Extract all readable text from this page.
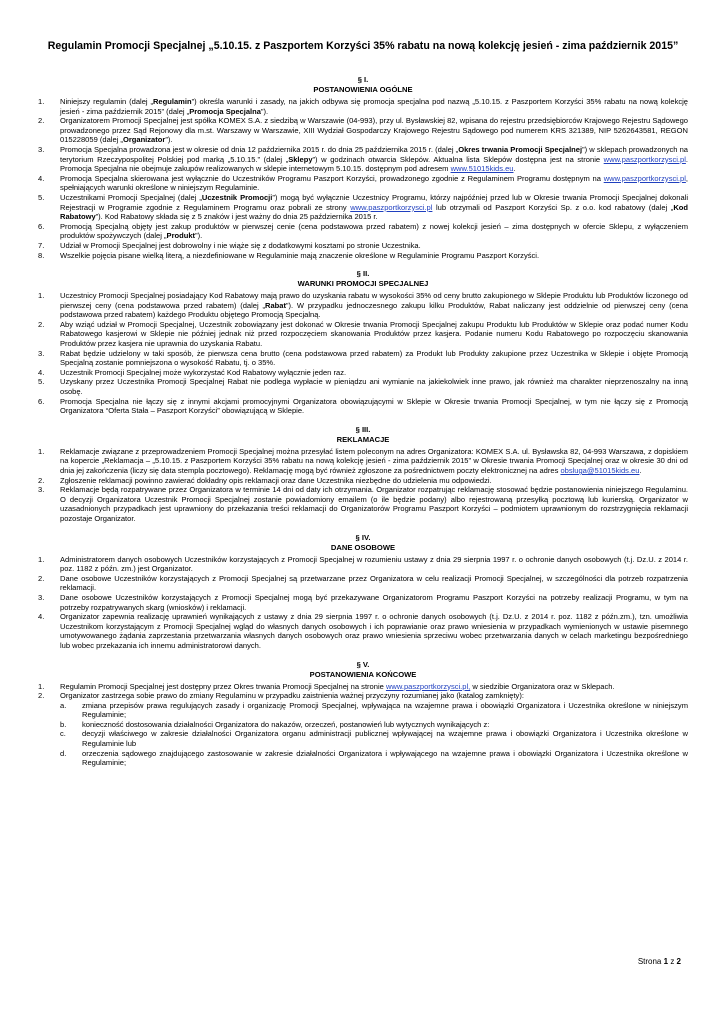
Regulamin Promocji Specjalnej „5.10.15. z Paszportem Korzyści 35% rabatu na nową kolekcję jesień - zima październik 2015”

§ I.

POSTANOWIENIA OGÓLNE

1. Niniejszy regulamin (dalej „Regulamin”) określa warunki i zasady, na jakich odbywa się promocja specjalna pod nazwą „5.10.15. z Paszportem Korzyści 35% rabatu na nową kolekcję jesień - zima październik 2015” (dalej „Promocja Specjalna”).
2. Organizatorem Promocji Specjalnej jest spółka KOMEX S.A. z siedzibą w Warszawie (04-993), przy ul. Bysławskiej 82, wpisana do rejestru przedsiębiorców Krajowego Rejestru Sądowego prowadzonego przez Sąd Rejonowy dla m.st. Warszawy w Warszawie, XIII Wydział Gospodarczy Krajowego Rejestru Sądowego pod numerem KRS 321389, NIP 5262643581, REGON 015228059 (dalej „Organizator”).
3. Promocja Specjalna prowadzona jest w okresie od dnia 12 października 2015 r. do dnia 25 października 2015 r. (dalej „Okres trwania Promocji Specjalnej”) w sklepach prowadzonych na terytorium Rzeczypospolitej Polskiej pod marką „5.10.15.” (dalej „Sklepy”) w godzinach otwarcia Sklepów. Aktualna lista Sklepów dostępna jest na stronie www.paszportkorzysci.pl. Promocja Specjalna nie obejmuje zakupów realizowanych w sklepie internetowym 5.10.15. dostępnym pod adresem www.51015kids.eu.
4. Promocja Specjalna skierowana jest wyłącznie do Uczestników Programu Paszport Korzyści, prowadzonego zgodnie z Regulaminem Programu dostępnym na www.paszportkorzysci.pl, spełniających warunki określone w niniejszym Regulaminie.
5. Uczestnikami Promocji Specjalnej (dalej „Uczestnik Promocji”) mogą być wyłącznie Uczestnicy Programu, którzy najpóźniej przed lub w Okresie trwania Promocji Specjalnej dokonali Rejestracji w Programie zgodnie z Regulaminem Programu oraz pobrali ze strony www.paszportkorzysci.pl lub otrzymali od Paszport Korzyści Sp. z o.o. kod rabatowy (dalej „Kod Rabatowy”). Kod Rabatowy składa się z 5 znaków i jest ważny do dnia 25 października 2015 r.
6. Promocją Specjalną objęty jest zakup produktów w pierwszej cenie (cena podstawowa przed rabatem) z nowej kolekcji jesień – zima dostępnych w ofercie Sklepu, z wyłączeniem produktów spożywczych (dalej „Produkt”).
7. Udział w Promocji Specjalnej jest dobrowolny i nie wiąże się z dodatkowymi kosztami po stronie Uczestnika.
8. Wszelkie pojęcia pisane wielką literą, a niezdefiniowane w Regulaminie mają znaczenie określone w Regulaminie Programu Paszport Korzyści.

§ II.

WARUNKI PROMOCJI SPECJALNEJ

1. Uczestnicy Promocji Specjalnej posiadający Kod Rabatowy mają prawo do uzyskania rabatu w wysokości 35% od ceny brutto zakupionego w Sklepie Produktu lub Produktów liczonego od pierwszej ceny (cena podstawowa przed rabatem) (dalej „Rabat”). W przypadku jednoczesnego zakupu kilku Produktów, Rabat naliczany jest oddzielnie od pierwszej ceny (cena podstawowa przed rabatem) każdego Produktu objętego Promocją Specjalną.
2. Aby wziąć udział w Promocji Specjalnej, Uczestnik zobowiązany jest dokonać w Okresie trwania Promocji Specjalnej zakupu Produktu lub Produktów w Sklepie oraz podać numer Kodu Rabatowego kasjerowi w Sklepie nie później jednak niż przed rozpoczęciem skanowania Produktów przez kasjera. Podanie numeru Kodu Rabatowego po rozpoczęciu skanowania Produktów przez kasjera nie uprawnia do uzyskania Rabatu.
3. Rabat będzie udzielony w taki sposób, że pierwsza cena brutto (cena podstawowa przed rabatem) za Produkt lub Produkty zakupione przez Uczestnika w Sklepie i objęte Promocją Specjalną zostanie pomniejszona o wysokość Rabatu, tj. o 35%.
4. Uczestnik Promocji Specjalnej może wykorzystać Kod Rabatowy wyłącznie jeden raz.
5. Uzyskany przez Uczestnika Promocji Specjalnej Rabat nie podlega wypłacie w pieniądzu ani wymianie na jakiekolwiek inne prawo, jak również ma charakter nieprzenoszalny na inną osobę.
6. Promocja Specjalna nie łączy się z innymi akcjami promocyjnymi Organizatora obowiązującymi w Sklepie w Okresie trwania Promocji Specjalnej, w tym nie łączy się z Promocją Organizatora “Oferta Stała – Paszport Korzyści” obowiązującą w Sklepie.

§ III.

REKLAMACJE

1. Reklamacje związane z przeprowadzeniem Promocji Specjalnej można przesyłać listem poleconym na adres Organizatora: KOMEX S.A. ul. Bysławska 82, 04-993 Warszawa, z dopiskiem na kopercie „Reklamacja – „5.10.15. z Paszportem Korzyści 35% rabatu na nową kolekcję jesień - zima październik 2015” w Okresie trwania Promocji Specjalnej oraz w okresie 30 dni od dnia jej zakończenia (liczy się data stempla pocztowego). Reklamację mogą być również zgłoszone za pośrednictwem poczty elektronicznej na adres obsluga@51015kids.eu.
2. Zgłoszenie reklamacji powinno zawierać dokładny opis reklamacji oraz dane Uczestnika niezbędne do udzielenia mu odpowiedzi.
3. Reklamacje będą rozpatrywane przez Organizatora w terminie 14 dni od daty ich otrzymania. Organizator rozpatrując reklamację stosować będzie postanowienia niniejszego Regulaminu. O decyzji Organizatora Uczestnik Promocji Specjalnej zostanie powiadomiony emailem (o ile będzie podany) albo rejestrowaną przesyłką pocztową lub kurierską. Organizator w uzasadnionych przypadkach jest uprawniony do przekazania treści reklamacji do Organizatorów Programu Paszport Korzyści – podmiotem uprawnionym do rozstrzygnięcia reklamacji pozostaje Organizator.

§ IV.

DANE OSOBOWE

1. Administratorem danych osobowych Uczestników korzystających z Promocji Specjalnej w rozumieniu ustawy z dnia 29 sierpnia 1997 r. o ochronie danych osobowych (t.j. Dz.U. z 2014 r. poz. 1182 z późn. zm.) jest Organizator.
2. Dane osobowe Uczestników korzystających z Promocji Specjalnej są przetwarzane przez Organizatora w celu realizacji Promocji Specjalnej, w szczególności dla potrzeb rozpatrzenia reklamacji.
3. Dane osobowe Uczestników korzystających z Promocji Specjalnej mogą być przekazywane Organizatorom Programu Paszport Korzyści na potrzeby realizacji Programu, w tym na potrzeby rozpatrywanych skarg (wniosków) i reklamacji.
4. Organizator zapewnia realizację uprawnień wynikających z ustawy z dnia 29 sierpnia 1997 r. o ochronie danych osobowych (t.j. Dz.U. z 2014 r. poz. 1182 z późn.zm.), tzn. umożliwia Uczestnikom korzystającym z Promocji Specjalnej wgląd do własnych danych osobowych i ich poprawianie oraz prawo wniesienia w przypadkach wymienionych w ustawie pisemnego umotywowanego żądania zaprzestania przetwarzania własnych danych osobowych oraz prawo wniesienia sprzeciwu wobec przetwarzania danych w celach marketingu bezpośredniego lub wobec przekazania ich innemu administratorowi danych.

§ V.

POSTANOWIENIA KOŃCOWE

1. Regulamin Promocji Specjalnej jest dostępny przez Okres trwania Promocji Specjalnej na stronie www.paszportkorzysci.pl, w siedzibie Organizatora oraz w Sklepach.
2. Organizator zastrzega sobie prawo do zmiany Regulaminu w przypadku zaistnienia ważnej przyczyny rozumianej jako (katalog zamknięty):
a. zmiana przepisów prawa regulujących zasady i organizację Promocji Specjalnej, wpływająca na wzajemne prawa i obowiązki Organizatora i Uczestnika określone w niniejszym Regulaminie;
b. konieczność dostosowania działalności Organizatora do nakazów, orzeczeń, postanowień lub wytycznych wynikających z:
c. decyzji właściwego w zakresie działalności Organizatora organu administracji publicznej wpływającej na wzajemne prawa i obowiązki Organizatora i Uczestnika określone w Regulaminie lub
d. orzeczenia sądowego znajdującego zastosowanie w zakresie działalności Organizatora i wpływającego na wzajemne prawa i obowiązki Organizatora i Uczestnika określone w Regulaminie;
Strona 1 z 2
